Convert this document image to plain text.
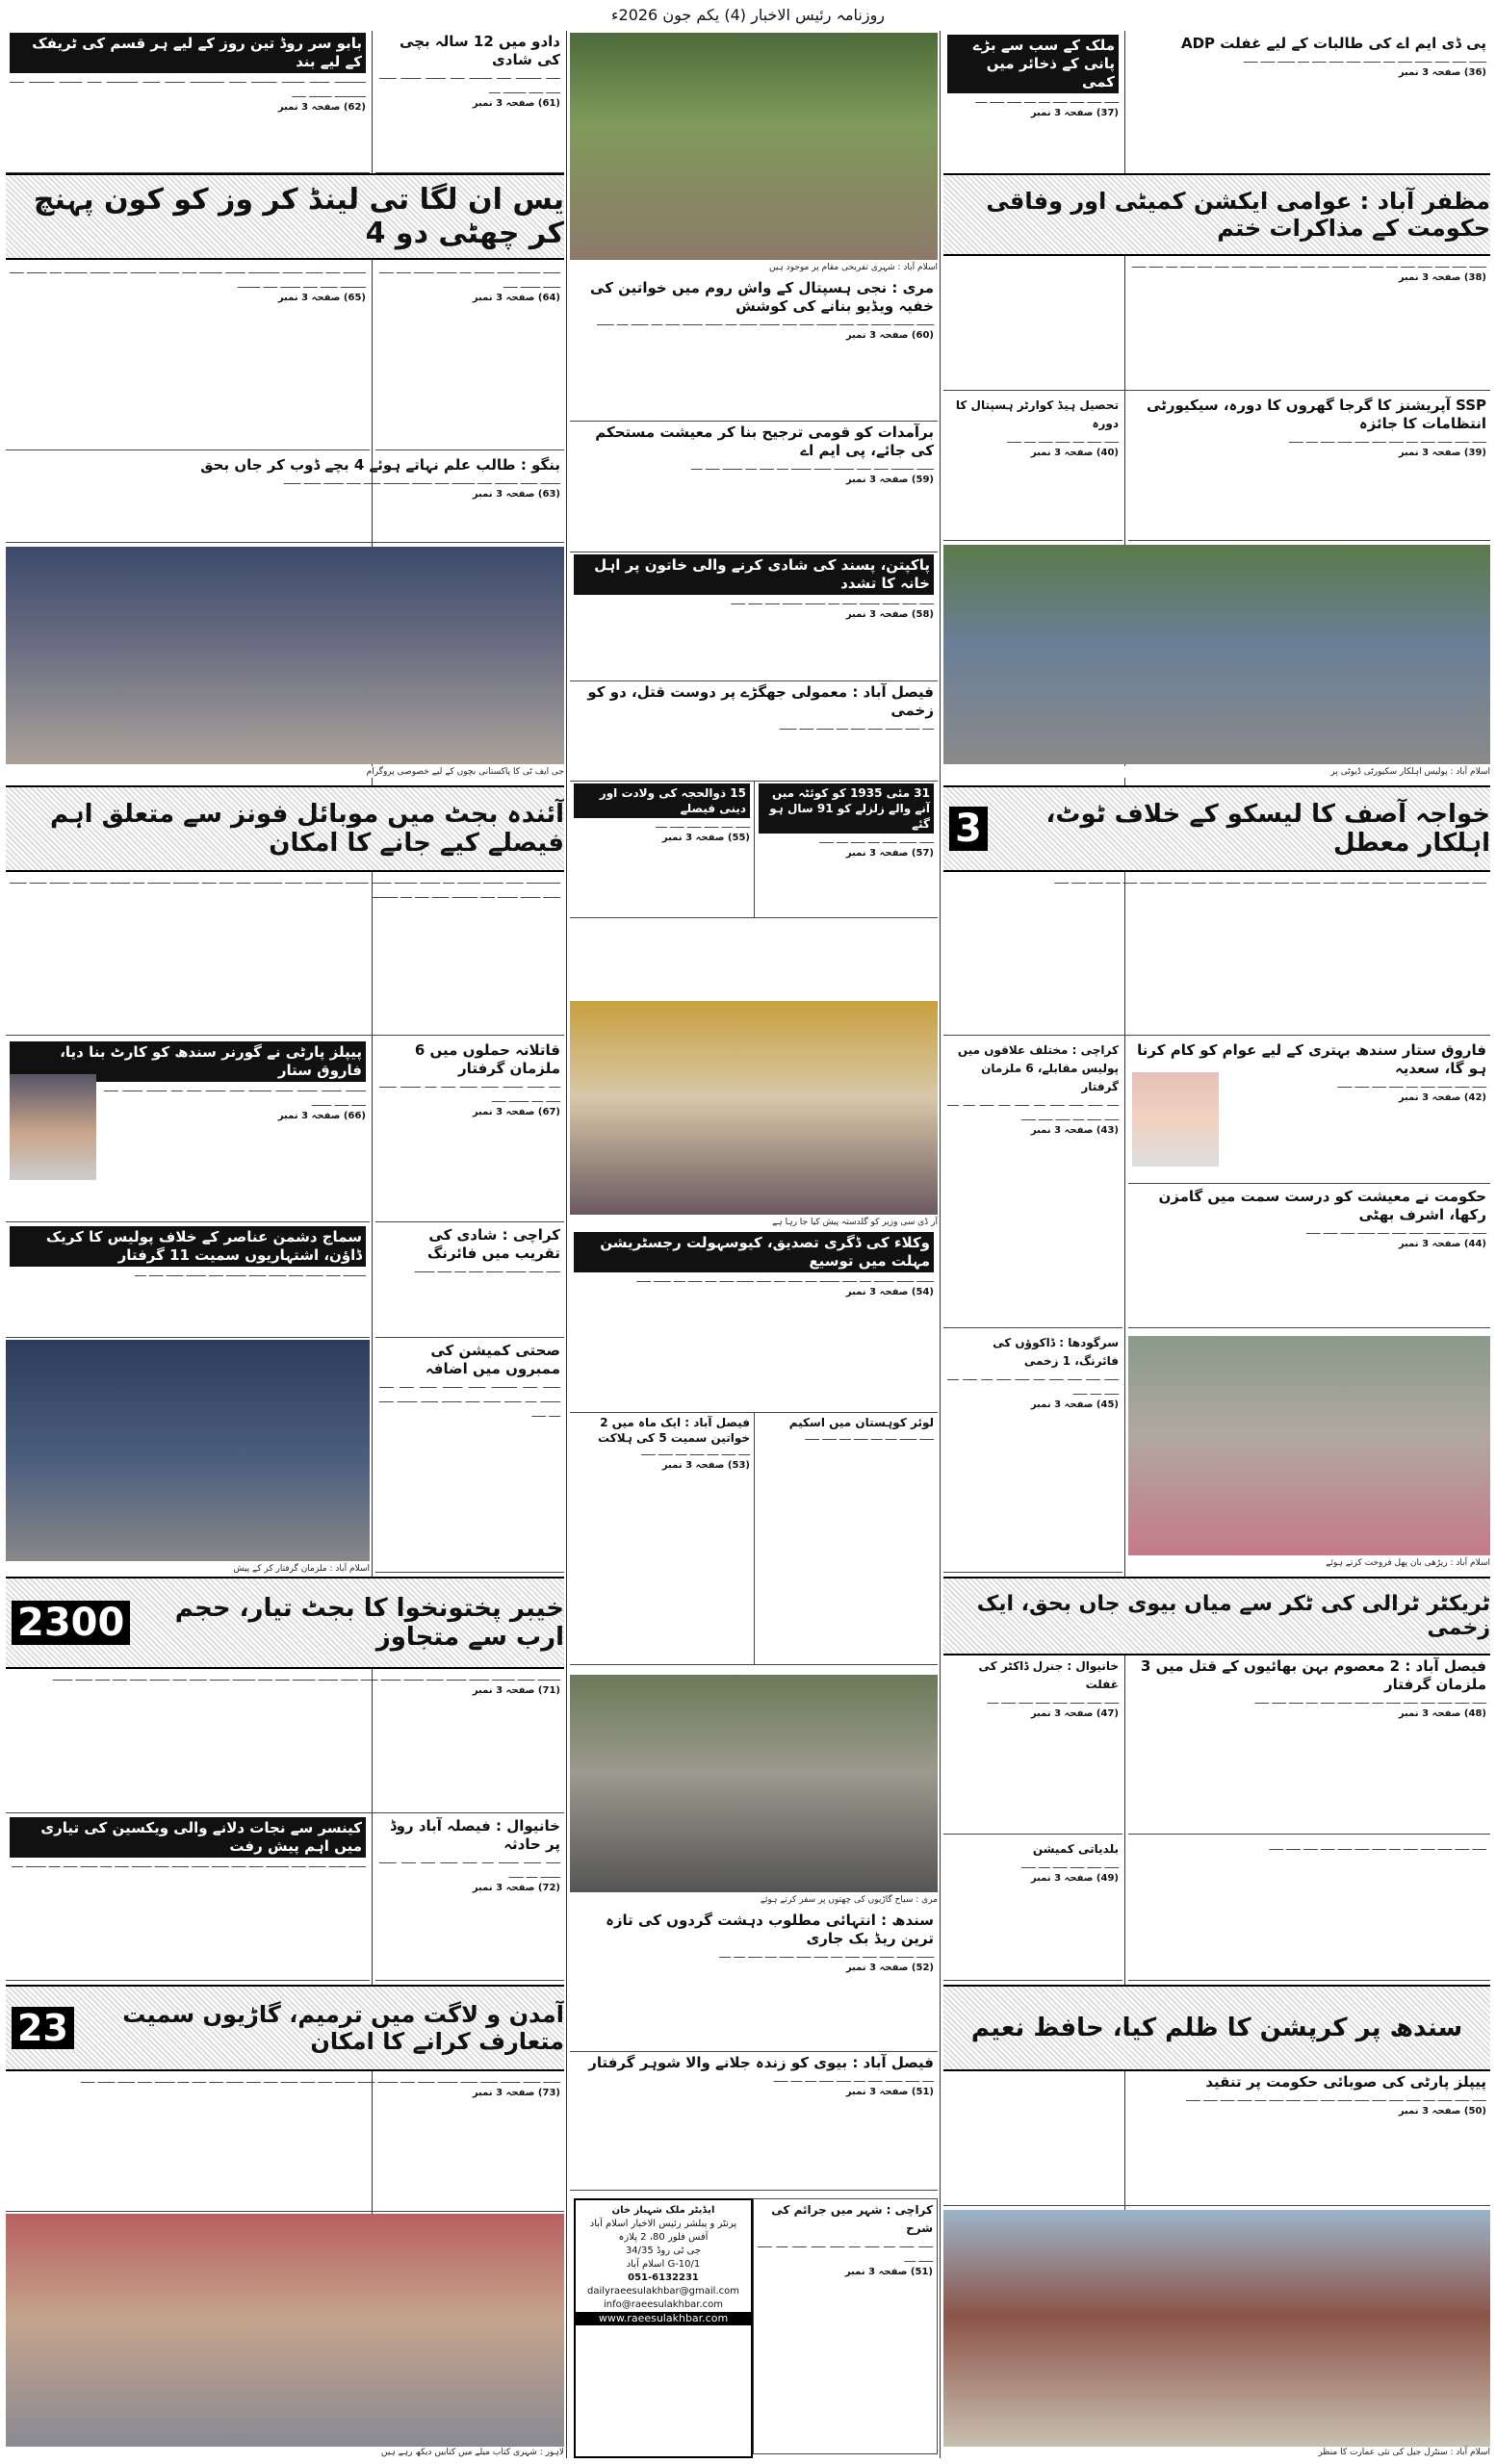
روزنامہ رئیس الاخبار (4) یکم جون 2026ء
بابو سر روڈ تین روز کے لیے ہر قسم کی ٹریفک کے لیے بند
ـــــــــــ ـــــــ ــــــــ ـــــــــ ــــــ ــــــــــــ ـــــــ ــــــ ـــــــــــ ـــــ ــــــــ ـــــــــ ـــــ ـــــــــــ ــــــــ ـــــ
(62) صفحہ 3 نمبر
دادو میں 12 سالہ بچی کی شادی
ـــــ ـــــــــ ـــــ ــــــــ ـــــ ـــــــ ـــــــ ــــــ ـــــ ـــــ ــــــــ ــــ
(61) صفحہ 3 نمبر
یس ان لگا تی لینڈ کر وز کو کون پہنچ کر چھٹی دو 4
ــــــــ ـــــ ــــــ ـــــــ ـــــــــــ ـــــــ ــــــــ ـــــ ـــــــ ـــــــــ ـــــ ـــــــ ــــــــ ــــ ـــــــ ـــــ ـــــــــ ــــــ ـــــ ـــــــ ـــــ ــــــــ
(65) صفحہ 3 نمبر
ــــــ ــــــــ ــــــ ـــــــ ــــ ـــــــ ـــــــ ـــــ ـــــ ــــــ ـــــــ ـــــ
(64) صفحہ 3 نمبر
بنگو : طالب علم نہاتے ہوئے 4 بچے ڈوب کر جاں بحق
ـــــــ ــــــ ــــــــ ـــــ ــــــــ ـــــ ـــــــ ـــــــــ ــــــ ـــــ ـــــــ ــــــ ــــــ
(63) صفحہ 3 نمبر
جی ایف ٹی کا پاکستانی بچوں کے لیے خصوصی پروگرام
آئندہ بجٹ میں موبائل فونز سے متعلق اہم فیصلے کیے جانے کا امکان
ــــــــــــ ــــــ ـــــــ ــــــــ ــــ ـــــــ ــــــــ ـــــــ ــــــــ ــــــ ــــــ ــــــ ــــــــــ ـــــ ـــــ ـــــ ـــــــــ ــــــــ ــــ ـــــــ ــــــ ـــــ ـــــــ ــــــ ــــــ ــــــ ـــــــ ـــــــ ـــــ ـــــــــ ــــــ ـــــ ــــ ـــــــــ
پیپلز پارٹی نے گورنر سندھ کو کارٹ بنا دیا، فاروق ستار
ـــــــ ـــــــ ـــــــ ــــــ ــــــــ ـــــ ـــــــ ـــــ ــــ ـــــــ ـــــــ ـــــ ـــــ ـــــ ـــــــ
(66) صفحہ 3 نمبر
قاتلانہ حملوں میں 6 ملزمان گرفتار
ــــ ــــــ ـــــــ ــــــ ــــــ ـــــ ــــ ـــــــ ــــــ ـــــ ــــ ـــــــ ـــــ
(67) صفحہ 3 نمبر
سماج دشمن عناصر کے خلاف پولیس کا کریک ڈاؤن، اشتہاریوں سمیت 11 گرفتار
ــــــــ ـــــ ــــــ ـــــ ــــــ ــــــ ـــــــ ـــــ ـــــــ ــــــ ـــــ ــــ
کراچی : شادی کی تقریب میں فائرنگ
ـــــ ـــــ ـــــــ ــــــ ـــــ ــــ ـــــ ـــــــ
اسلام آباد : ملزمان گرفتار کر کے پیش
صحتی کمیشن کی ممبروں میں اضافہ
ــــــ ـــــ ـــــــــ ــــــ ـــــــ ــــــ ـــــ ـــــ ـــــــ ــــ ــــــ ــــــ ـــــ ـــــــ ــــــ ـــــــ ـــــ ــــ ـــــ
خیبر پختونخوا کا بجٹ تیار، حجم ارب سے متجاوز
2300
ــــــــ ــــــ ــــــــ ـــــــ ـــــــ ــــــ ـــــــ ـــــــ ــــــ ــــــ ـــــــ ــــــــ ـــــ ـــــ ــــــــ ـــــــ ــــــ ـــــ ـــــــ ــــــ ـــــ ـــــ ــــــ ـــــــ
(71) صفحہ 3 نمبر
کینسر سے نجات دلانے والی ویکسین کی تیاری میں اہم پیش رفت
ــــــ ــــــ ــــــ ـــــ ــــــــ ـــــ ـــــ ــــــ ــــــ ــــــ ـــــ ـــــــ ـــــ ــــ ــــــ ـــــ ــــ ـــــــ ــــ
خانیوال : فیصلہ آباد روڈ پر حادثہ
ـــــ ــــــ ـــــــ ــــ ـــــ ــــــ ـــــ ـــــ ــــــ ـــــــ ــــ ـــــ
(72) صفحہ 3 نمبر
آمدن و لاگت میں ترمیم، گاڑیوں سمیت متعارف کرانے کا امکان
23
ــــــ ــــــ ـــــــ ــــــ ــــــ ـــــــ ــــــ ـــــ ـــــــ ــــــ ـــــــ ـــــ ـــــ ــــــ ـــــ ـــــ ــــــ ـــــ ـــــ ــــ ـــــــ ـــــ ــــــ ــــــ ـــــ
(73) صفحہ 3 نمبر
لاہور : شہری کتاب میلے میں کتابیں دیکھ رہے ہیں
اسلام آباد : شہری تفریحی مقام پر موجود ہیں
مری : نجی ہسپتال کے واش روم میں خواتین کی خفیہ ویڈیو بنانے کی کوشش
ــــــ ـــــــ ـــــــ ــــ ـــــ ـــــــ ـــــ ـــــ ـــــــ ــــــ ــــ ــــــ ـــــــ ـــــ ــــ ــــــ ــــ ــــــ
(60) صفحہ 3 نمبر
برآمدات کو قومی ترجیح بنا کر معیشت مستحکم کی جائے، پی ایم اے
ــــــ ــــــــ ـــــ ـــــ ـــــــ ــــــ ـــــــ ــــ ـــــ ــــ ـــــــ ـــــ ــــ
(59) صفحہ 3 نمبر
پاکپتن، پسند کی شادی کرنے والی خاتون پر اہل خانہ کا تشدد
ـــــ ـــــ ــــــ ـــــــ ـــــ ــــ ـــــــ ـــــــ ـــــ ـــــ ـــــ
(58) صفحہ 3 نمبر
فیصل آباد : معمولی جھگڑے پر دوست قتل، دو کو زخمی
ــــ ـــــ ــــــ ـــــ ـــــ ــــ ــــــ ـــــ ــــــ
31 مئی 1935 کو کوئٹہ میں آنے والے زلزلے کو 91 سال ہو گئے
ـــــ ــــــ ـــــ ــــ ـــــ ــــ ـــــ
(57) صفحہ 3 نمبر
15 ذوالحجہ کی ولادت اور دینی فیصلے
ـــــ ــــ ـــــ ـــــ ـــــ ــــ
(55) صفحہ 3 نمبر
آر ڈی سی وزیر کو گلدستہ پیش کیا جا رہا ہے
وکلاء کی ڈگری تصدیق، کیوسہولت رجسٹریشن مہلت میں توسیع
ــــــ ــــــ ـــــــ ــــ ـــــ ـــــــ ــــ ـــــ ــــ ـــــ ــــــ ـــــ ــــ ـــــ ــــ ــــــ ـــــ
(54) صفحہ 3 نمبر
لوئر کوہستان میں اسکیم
ـــــ ــــــ ــــ ــــ ـــــ ــــ ـــــ ـــــ
فیصل آباد : ایک ماہ میں 2 خواتین سمیت 5 کی ہلاکت
ــــ ـــــ ــــ ـــــ ــــ ـــــ ـــــ
(53) صفحہ 3 نمبر
مری : سیاح گاڑیوں کی چھتوں پر سفر کرتے ہوئے
سندھ : انتہائی مطلوب دہشت گردوں کی تازہ ترین ریڈ بک جاری
ــــــ ــــــ ـــــ ـــــ ـــــ ــــ ـــــ ـــــ ـــــ ــــ ـــــ ــــ ــــ
(52) صفحہ 3 نمبر
فیصل آباد : بیوی کو زندہ جلانے والا شوہر گرفتار
ــــ ـــــ ــــــ ـــــ ــــ ـــــ ـــــ ــــ ــــ ـــــ
(51) صفحہ 3 نمبر
ایڈیٹر ملک شہباز خان
پرنٹر و پبلشر رئیس الاخبار اسلام آباد
آفس فلور 80، 2 پلازہ
جی ٹی روڈ 34/35
G-10/1 اسلام آباد
051-6132231
dailyraeesulakhbar@gmail.com
info@raeesulakhbar.com
www.raeesulakhbar.com
کراچی : شہر میں جرائم کی شرح
ـــــ ـــــ ــــ ـــــ ــــ ـــــ ـــــ ـــــ ــــ ـــــ ـــــ ــــ
(51) صفحہ 3 نمبر
ملک کے سب سے بڑے پانی کے ذخائر میں کمی
ـــــ ـــــ ـــــ ـــــ ــــ ــــ ـــــ ـــــ ــــ
(37) صفحہ 3 نمبر
پی ڈی ایم اے کی طالبات کے لیے غفلت ADP
ــــــ ـــــ ـــــ ــــــ ـــــ ــــ ــــــ ـــــ ـــــ ـــــ ــــ ــــــ ـــــ ـــــ
(36) صفحہ 3 نمبر
مظفر آباد : عوامی ایکشن کمیٹی اور وفاقی حکومت کے مذاکرات ختم
ــــــ ـــــ ـــــ ـــــ ـــــ ــــ ـــــ ـــــ ــــــ ــــ ـــــ ـــــ ـــــ ـــــ ـــــ ـــــ ـــــ ـــــ ــــ ـــــ ـــــ
(38) صفحہ 3 نمبر
تحصیل ہیڈ کوارٹر ہسپتال کا دورہ
ـــــ ـــــ ــــ ـــــ ـــــ ــــ ـــــ
(40) صفحہ 3 نمبر
SSP آپریشنز کا گرجا گھروں کا دورہ، سیکیورٹی انتظامات کا جائزہ
ـــــ ـــــ ـــــ ـــــ ــــ ـــــ ـــــ ـــــ ـــــ ـــــ ــــ ـــــ
(39) صفحہ 3 نمبر
اسلام آباد : پولیس اہلکار سکیورٹی ڈیوٹی پر
خواجہ آصف کا لیسکو کے خلاف ٹوٹ، اہلکار معطل
3
ـــــ ـــــ ـــــ ــــ ـــــ ـــــ ـــــ ــــ ـــــ ـــــ ـــــ ــــ ـــــ ـــــ ــــ ـــــ ـــــ ـــــ ـــــ ـــــ ـــــ ـــــ ـــــ ـــــ ـــــ ـــــ
کراچی : مختلف علاقوں میں پولیس مقابلے، 6 ملزمان گرفتار
ــــ ـــــ ـــــ ـــــ ــــ ـــــ ــــ ـــــ ــــ ــــ ـــــ ـــــ ــــ ـــــ ـــــ ـــــ
(43) صفحہ 3 نمبر
فاروق ستار سندھ بہتری کے لیے عوام کو کام کرنا ہو گا، سعدیہ
ـــــ ـــــ ـــــ ـــــ ــــ ـــــ ـــــ ـــــ ـــــ
(42) صفحہ 3 نمبر
حکومت نے معیشت کو درست سمت میں گامزن رکھا، اشرف بھٹی
ـــــ ــــ ــــ ـــــ ـــــ ـــــ ــــ ــــــ ـــــ ـــــ ـــــ
(44) صفحہ 3 نمبر
سرگودھا : ڈاکوؤں کی فائرنگ، 1 زخمی
ـــــ ـــــ ـــــ ـــــ ــــ ـــــ ـــــ ــــ ـــــ ــــ ـــــ ــــ ـــــ
(45) صفحہ 3 نمبر
اسلام آباد : ریڑھی بان پھل فروخت کرتے ہوئے
ٹریکٹر ٹرالی کی ٹکر سے میاں بیوی جاں بحق، ایک زخمی
خانیوال : جنرل ڈاکٹر کی غفلت
ـــــ ـــــ ـــــ ـــــ ـــــ ـــــ ـــــ ــــ
(47) صفحہ 3 نمبر
فیصل آباد : 2 معصوم بہن بھائیوں کے قتل میں 3 ملزمان گرفتار
ـــــ ـــــ ـــــ ـــــ ـــــ ـــــ ــــ ـــــ ـــــ ـــــ ــــ ـــــ ـــــ ـــــ
(48) صفحہ 3 نمبر
بلدیاتی کمیشن
ـــــ ـــــ ـــــ ـــــ ــــ ـــــ
(49) صفحہ 3 نمبر
ـــــ ـــــ ـــــ ـــــ ـــــ ــــ ـــــ ـــــ ـــــ ـــــ ـــــ ـــــ ـــــ
سندھ پر کرپشن کا ظلم کیا، حافظ نعیم
پیپلز پارٹی کی صوبائی حکومت پر تنقید
ـــــ ـــــ ـــــ ــــ ـــــ ـــــ ـــــ ـــــ ـــــ ـــــ ـــــ ـــــ ـــــ ــــ ـــــ ـــــ ـــــ ـــــ
(50) صفحہ 3 نمبر
اسلام آباد : سنٹرل جیل کی نئی عمارت کا منظر
